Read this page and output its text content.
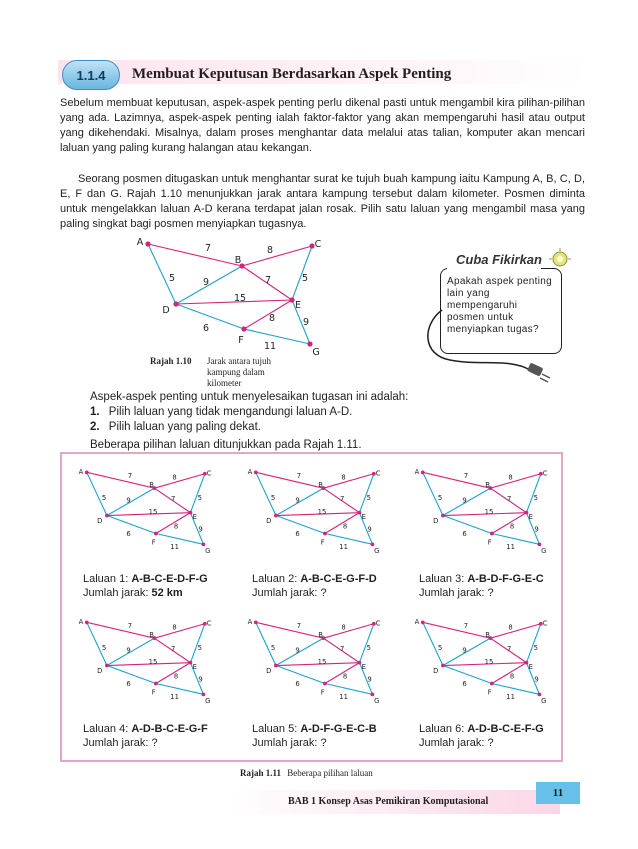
1.1.4	Membuat Keputusan Berdasarkan Aspek Penting
Sebelum membuat keputusan, aspek-aspek penting perlu dikenal pasti untuk mengambil kira pilihan-pilihan yang ada. Lazimnya, aspek-aspek penting ialah faktor-faktor yang akan mempengaruhi hasil atau output yang dikehendaki. Misalnya, dalam proses menghantar data melalui atas talian, komputer akan mencari laluan yang paling kurang halangan atau kekangan.
Seorang posmen ditugaskan untuk menghantar surat ke tujuh buah kampung iaitu Kampung A, B, C, D, E, F dan G. Rajah 1.10 menunjukkan jarak antara kampung tersebut dalam kilometer. Posmen diminta untuk mengelakkan laluan A-D kerana terdapat jalan rosak. Pilih satu laluan yang mengambil masa yang paling singkat bagi posmen menyiapkan tugasnya.
7	8
5	9	7	5
15
6
8
11
9
A
B
C
D	E
F
G
Rajah 1.10 Jarak antara tujuh kampung dalam kilometer
Cuba Fikirkan
Apakah aspek penting lain yang mempengaruhi posmen untuk menyiapkan tugas?
Aspek-aspek penting untuk menyelesaikan tugasan ini adalah:
1. Pilih laluan yang tidak mengandungi laluan A-D.
2. Pilih laluan yang paling dekat.
Beberapa pilihan laluan ditunjukkan pada Rajah 1.11.
7	8
5	9	7	5
15
6
8
11
9
A
B
C
D	E
F
G
Laluan 1: A-B-C-E-D-F-G
Jumlah jarak: 52 km
7	8
5	9	7	5
15
6
8
11
9
A
B
C
D	E
F
G
Laluan 2: A-B-C-E-G-F-D
Jumlah jarak: ?
7	8
5	9	7	5
15
6
8
11
9
A
B
C
D	E
F
G
Laluan 3: A-B-D-F-G-E-C
Jumlah jarak: ?
7	8
5	9	7	5
15
6
8
11
9
A
B
C
D	E
F
G
Laluan 4: A-D-B-C-E-G-F
Jumlah jarak: ?
7	8
5	9	7	5
15
6
8
11
9
A
B
C
D	E
F
G
Laluan 5: A-D-F-G-E-C-B
Jumlah jarak: ?
7	8
5	9	7	5
15
6
8
11
9
A
B
C
D	E
F
G
Laluan 6: A-D-B-C-E-F-G
Jumlah jarak: ?
Rajah 1.11 Beberapa pilihan laluan
BAB 1 Konsep Asas Pemikiran Komputasional
11
